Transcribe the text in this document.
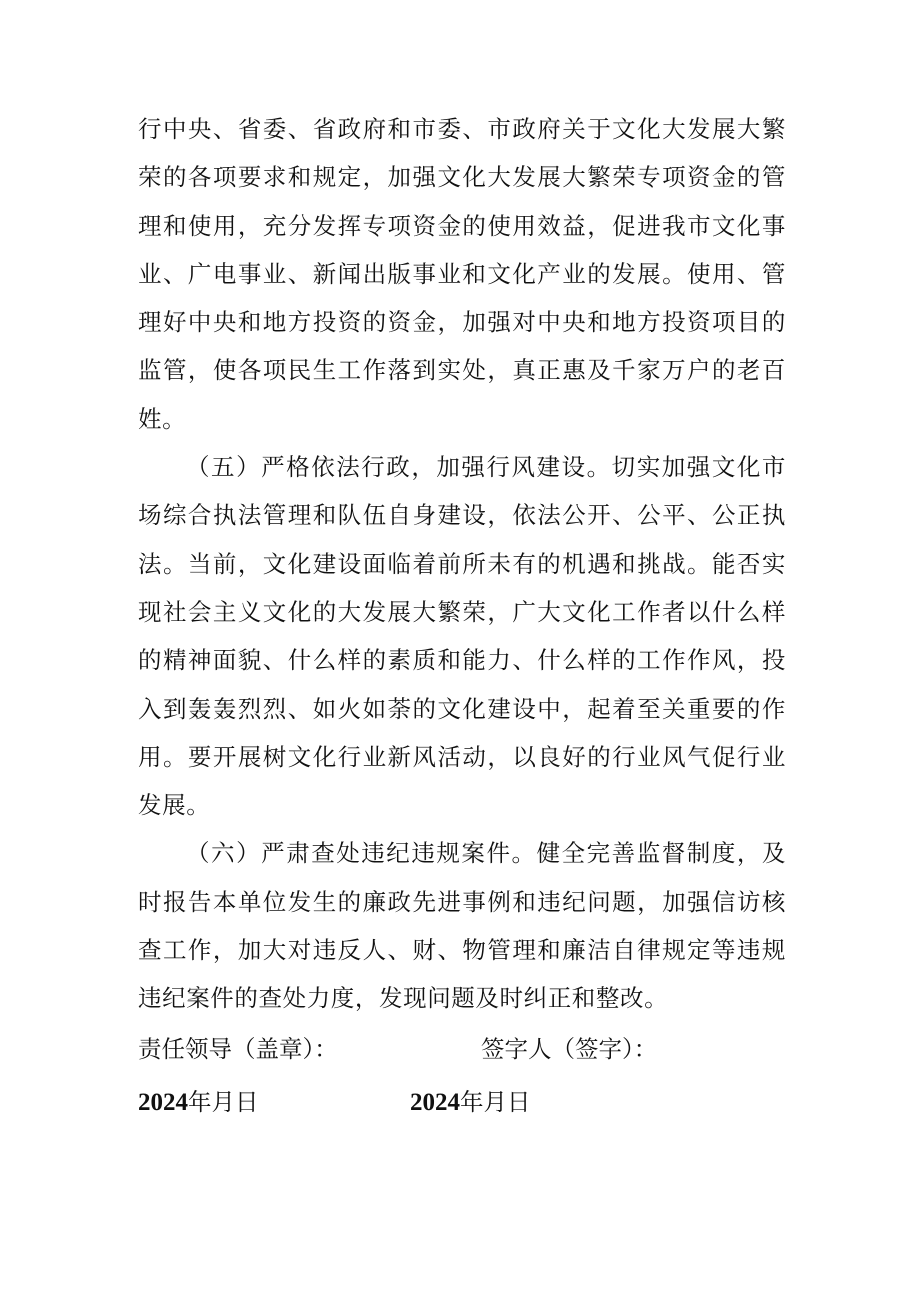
行中央、省委、省政府和市委、市政府关于文化大发展大繁荣的各项要求和规定，加强文化大发展大繁荣专项资金的管理和使用，充分发挥专项资金的使用效益，促进我市文化事业、广电事业、新闻出版事业和文化产业的发展。使用、管理好中央和地方投资的资金，加强对中央和地方投资项目的监管，使各项民生工作落到实处，真正惠及千家万户的老百姓。

（五）严格依法行政，加强行风建设。切实加强文化市场综合执法管理和队伍自身建设，依法公开、公平、公正执法。当前，文化建设面临着前所未有的机遇和挑战。能否实现社会主义文化的大发展大繁荣，广大文化工作者以什么样的精神面貌、什么样的素质和能力、什么样的工作作风，投入到轰轰烈烈、如火如荼的文化建设中，起着至关重要的作用。要开展树文化行业新风活动，以良好的行业风气促行业发展。

（六）严肃查处违纪违规案件。健全完善监督制度，及时报告本单位发生的廉政先进事例和违纪问题，加强信访核查工作，加大对违反人、财、物管理和廉洁自律规定等违规违纪案件的查处力度，发现问题及时纠正和整改。

责任领导（盖章）：	签字人（签字）：
2024年月日	2024年月日
